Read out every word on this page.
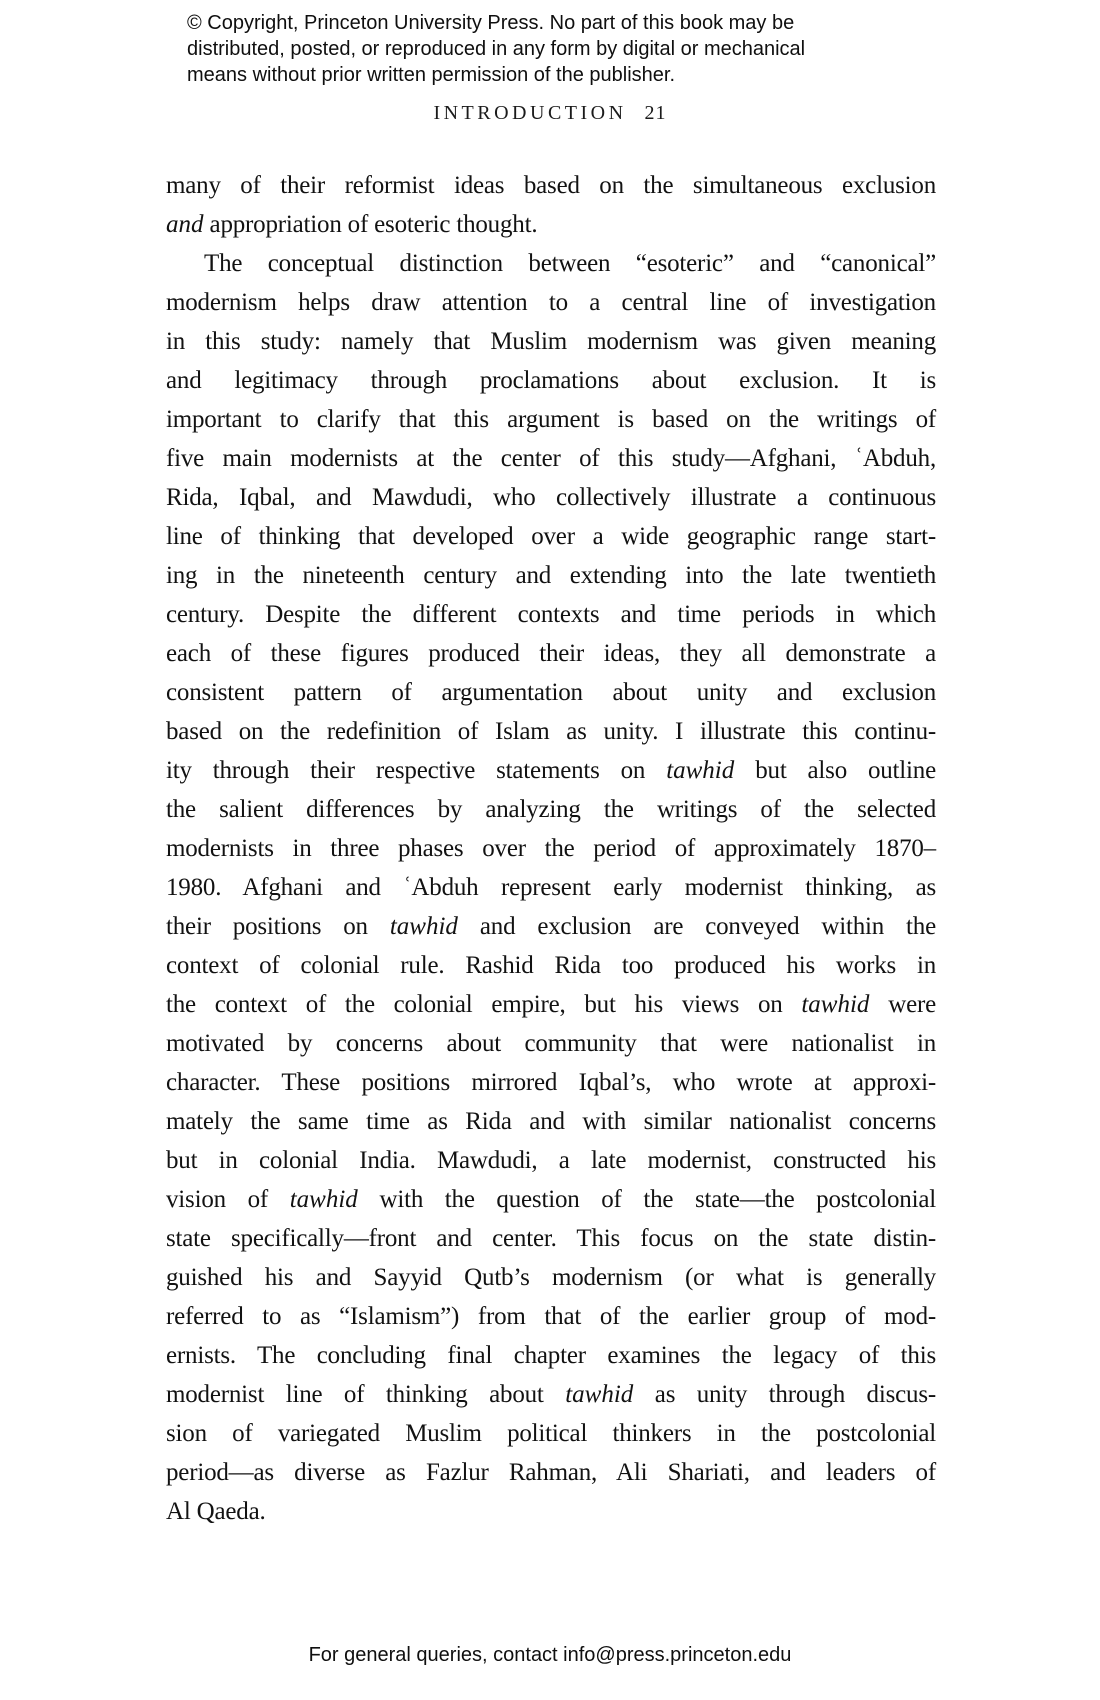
© Copyright, Princeton University Press. No part of this book may be
distributed, posted, or reproduced in any form by digital or mechanical
means without prior written permission of the publisher.
INTRODUCTION 21
many of their reformist ideas based on the simultaneous exclusion
and appropriation of esoteric thought.
The conceptual distinction between “esoteric” and “canonical”
modernism helps draw attention to a central line of investigation
in this study: namely that Muslim modernism was given meaning
and legitimacy through proclamations about exclusion. It is
important to clarify that this argument is based on the writings of
five main modernists at the center of this study—Afghani, ʿAbduh,
Rida, Iqbal, and Mawdudi, who collectively illustrate a continuous
line of thinking that developed over a wide geographic range start-
ing in the nineteenth century and extending into the late twentieth
century. Despite the different contexts and time periods in which
each of these figures produced their ideas, they all demonstrate a
consistent pattern of argumentation about unity and exclusion
based on the redefinition of Islam as unity. I illustrate this continu-
ity through their respective statements on tawhid but also outline
the salient differences by analyzing the writings of the selected
modernists in three phases over the period of approximately 1870–
1980. Afghani and ʿAbduh represent early modernist thinking, as
their positions on tawhid and exclusion are conveyed within the
context of colonial rule. Rashid Rida too produced his works in
the context of the colonial empire, but his views on tawhid were
motivated by concerns about community that were nationalist in
character. These positions mirrored Iqbal’s, who wrote at approxi-
mately the same time as Rida and with similar nationalist concerns
but in colonial India. Mawdudi, a late modernist, constructed his
vision of tawhid with the question of the state—the postcolonial
state specifically—front and center. This focus on the state distin-
guished his and Sayyid Qutb’s modernism (or what is generally
referred to as “Islamism”) from that of the earlier group of mod-
ernists. The concluding final chapter examines the legacy of this
modernist line of thinking about tawhid as unity through discus-
sion of variegated Muslim political thinkers in the postcolonial
period—as diverse as Fazlur Rahman, Ali Shariati, and leaders of
Al Qaeda.
For general queries, contact info@press.princeton.edu
